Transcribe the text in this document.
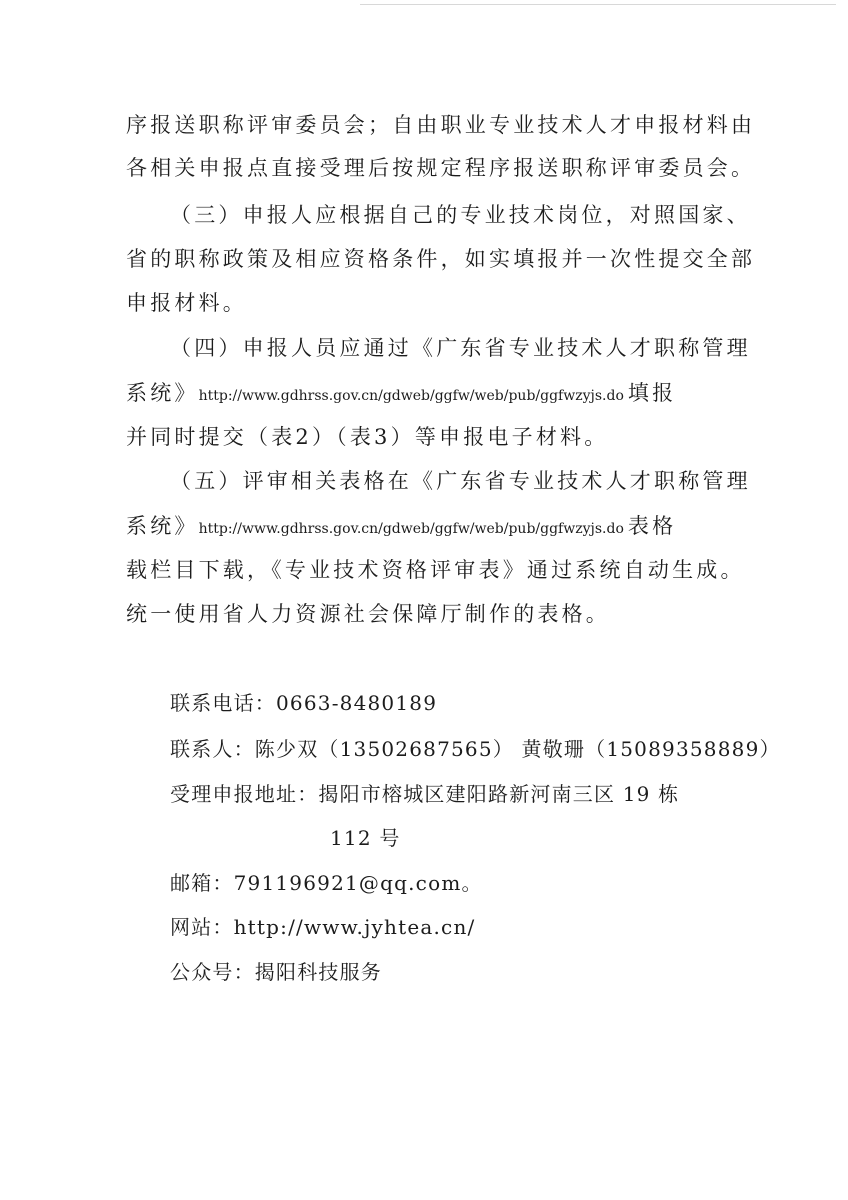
序报送职称评审委员会；自由职业专业技术人才申报材料由
各相关申报点直接受理后按规定程序报送职称评审委员会。
（三）申报人应根据自己的专业技术岗位，对照国家、
省的职称政策及相应资格条件，如实填报并一次性提交全部
申报材料。
（四）申报人员应通过《广东省专业技术人才职称管理
系统》http://www.gdhrss.gov.cn/gdweb/ggfw/web/pub/ggfwzyjs.do 填报
并同时提交（表2）（表3）等申报电子材料。
（五）评审相关表格在《广东省专业技术人才职称管理
系统》http://www.gdhrss.gov.cn/gdweb/ggfw/web/pub/ggfwzyjs.do 表格
载栏目下载，《专业技术资格评审表》通过系统自动生成。
统一使用省人力资源社会保障厅制作的表格。
联系电话：0663-8480189
联系人：陈少双（13502687565） 黄敬珊（15089358889）
受理申报地址：揭阳市榕城区建阳路新河南三区 19 栋
112 号
邮箱：791196921@qq.com。
网站：http://www.jyhtea.cn/
公众号：揭阳科技服务
